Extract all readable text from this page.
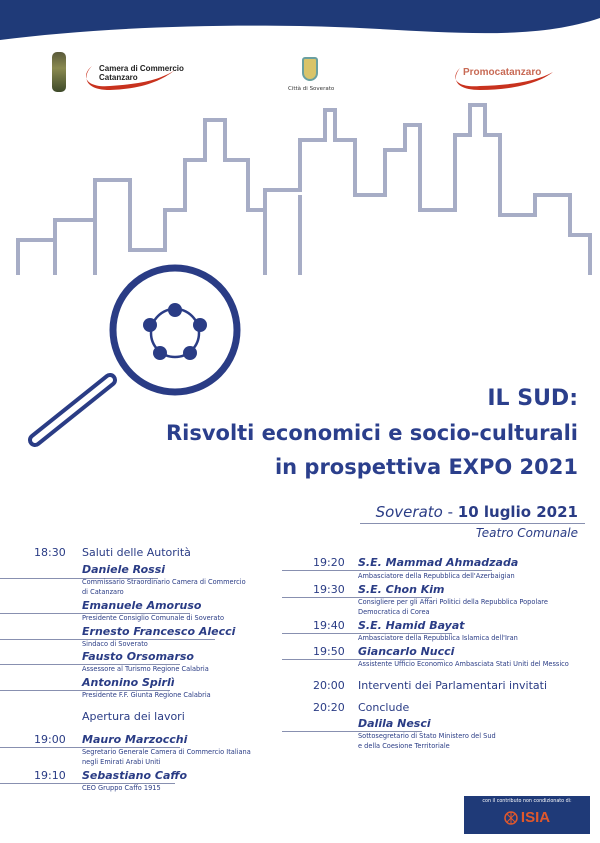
Camera di Commercio
Catanzaro
Città di Soverato
Promocatanzaro
IL SUD:
Risvolti economici e socio-culturali
in prospettiva EXPO 2021
Soverato - 10 luglio 2021
Teatro Comunale
18:30	Saluti delle Autorità
Daniele Rossi
Commissario Straordinario Camera di Commercio
di Catanzaro
Emanuele Amoruso
Presidente Consiglio Comunale di Soverato
Ernesto Francesco Alecci
Sindaco di Soverato
Fausto Orsomarso
Assessore al Turismo Regione Calabria
Antonino Spirlì
Presidente F.F. Giunta Regione Calabria
Apertura dei lavori
19:00	Mauro Marzocchi
Segretario Generale Camera di Commercio Italiana
negli Emirati Arabi Uniti
19:10	Sebastiano Caffo
CEO Gruppo Caffo 1915
19:20	S.E. Mammad Ahmadzada
Ambasciatore della Repubblica dell'Azerbaigian
19:30	S.E. Chon Kim
Consigliere per gli Affari Politici della Repubblica Popolare
Democratica di Corea
19:40	S.E. Hamid Bayat
Ambasciatore della Repubblica Islamica dell'Iran
19:50	Giancarlo Nucci
Assistente Ufficio Economico Ambasciata Stati Uniti del Messico
20:00	Interventi dei Parlamentari invitati
20:20	Conclude
Dalila Nesci
Sottosegretario di Stato Ministero del Sud
e della Coesione Territoriale
con il contributo non condizionato di:
ISIA
